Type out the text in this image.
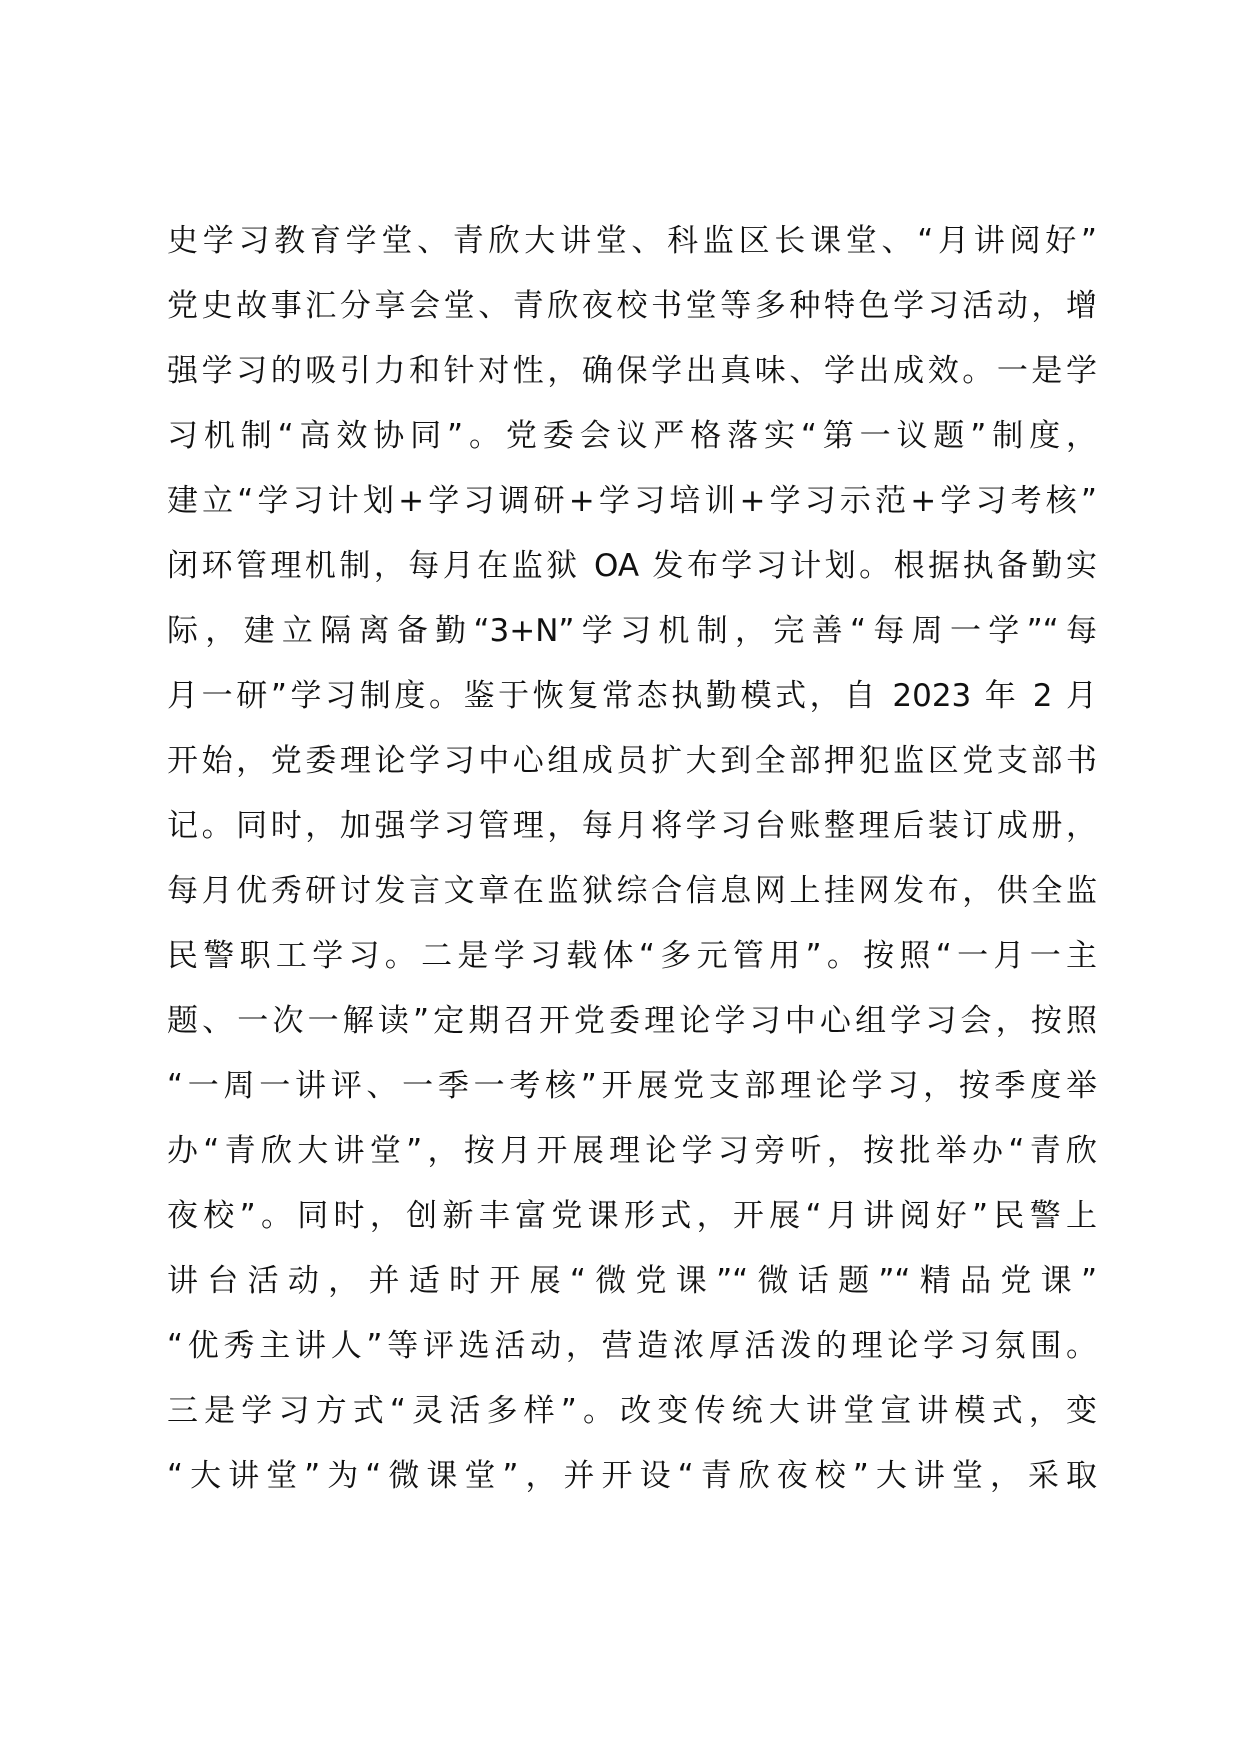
史学习教育学堂、青欣大讲堂、科监区长课堂、“月讲阅好”
党史故事汇分享会堂、青欣夜校书堂等多种特色学习活动，增
强学习的吸引力和针对性，确保学出真味、学出成效。一是学
习机制“高效协同”。党委会议严格落实“第一议题”制度，
建立“学习计划+学习调研+学习培训+学习示范+学习考核”
闭环管理机制，每月在监狱 OA 发布学习计划。根据执备勤实
际，建立隔离备勤“3+N”学习机制，完善“每周一学”“每
月一研”学习制度。鉴于恢复常态执勤模式，自 2023 年 2 月
开始，党委理论学习中心组成员扩大到全部押犯监区党支部书
记。同时，加强学习管理，每月将学习台账整理后装订成册，
每月优秀研讨发言文章在监狱综合信息网上挂网发布，供全监
民警职工学习。二是学习载体“多元管用”。按照“一月一主
题、一次一解读”定期召开党委理论学习中心组学习会，按照
“一周一讲评、一季一考核”开展党支部理论学习，按季度举
办“青欣大讲堂”，按月开展理论学习旁听，按批举办“青欣
夜校”。同时，创新丰富党课形式，开展“月讲阅好”民警上
讲台活动，并适时开展“微党课”“微话题”“精品党课”
“优秀主讲人”等评选活动，营造浓厚活泼的理论学习氛围。
三是学习方式“灵活多样”。改变传统大讲堂宣讲模式，变
“大讲堂”为“微课堂”，并开设“青欣夜校”大讲堂，采取
